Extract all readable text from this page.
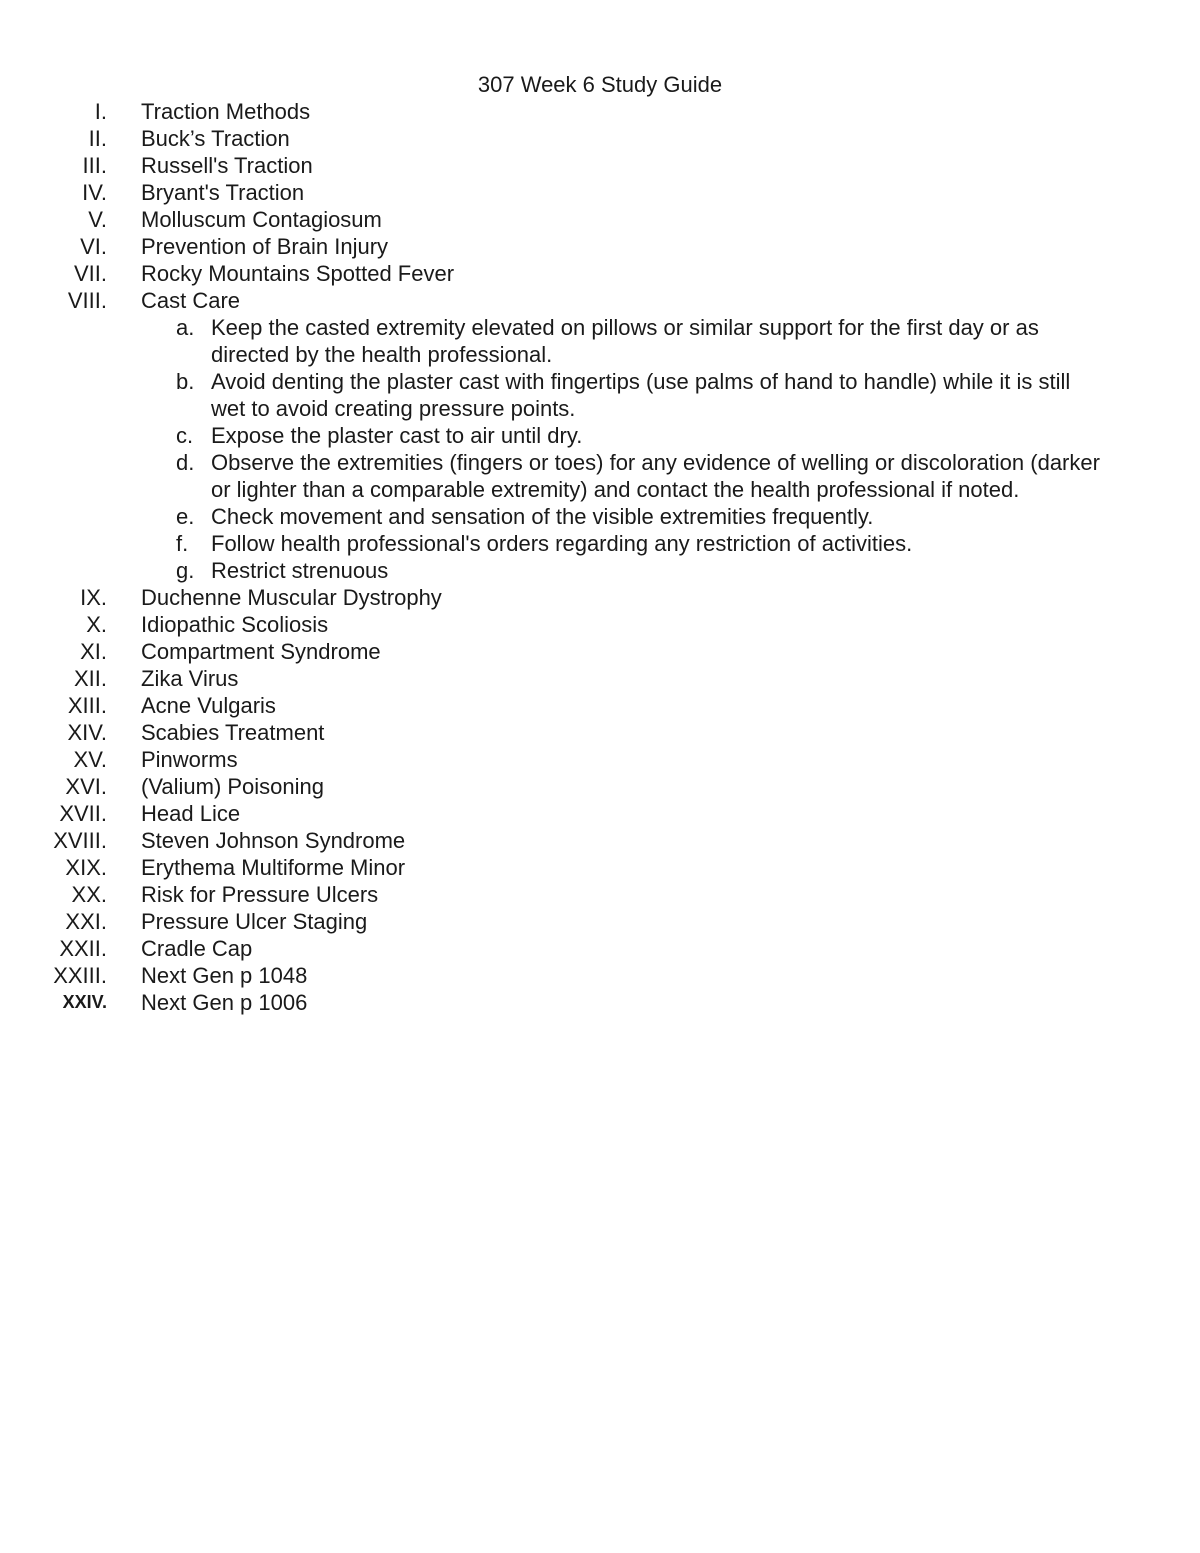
307 Week 6 Study Guide
I. Traction Methods
II. Buck’s Traction
III. Russell's Traction
IV. Bryant's Traction
V. Molluscum Contagiosum
VI. Prevention of Brain Injury
VII. Rocky Mountains Spotted Fever
VIII. Cast Care
a. Keep the casted extremity elevated on pillows or similar support for the first day or as directed by the health professional.
b. Avoid denting the plaster cast with fingertips (use palms of hand to handle) while it is still wet to avoid creating pressure points.
c. Expose the plaster cast to air until dry.
d. Observe the extremities (fingers or toes) for any evidence of welling or discoloration (darker or lighter than a comparable extremity) and contact the health professional if noted.
e. Check movement and sensation of the visible extremities frequently.
f. Follow health professional's orders regarding any restriction of activities.
g. Restrict strenuous
IX. Duchenne Muscular Dystrophy
X. Idiopathic Scoliosis
XI. Compartment Syndrome
XII. Zika Virus
XIII. Acne Vulgaris
XIV. Scabies Treatment
XV. Pinworms
XVI. (Valium) Poisoning
XVII. Head Lice
XVIII. Steven Johnson Syndrome
XIX. Erythema Multiforme Minor
XX. Risk for Pressure Ulcers
XXI. Pressure Ulcer Staging
XXII. Cradle Cap
XXIII. Next Gen p 1048
XXIV. Next Gen p 1006
